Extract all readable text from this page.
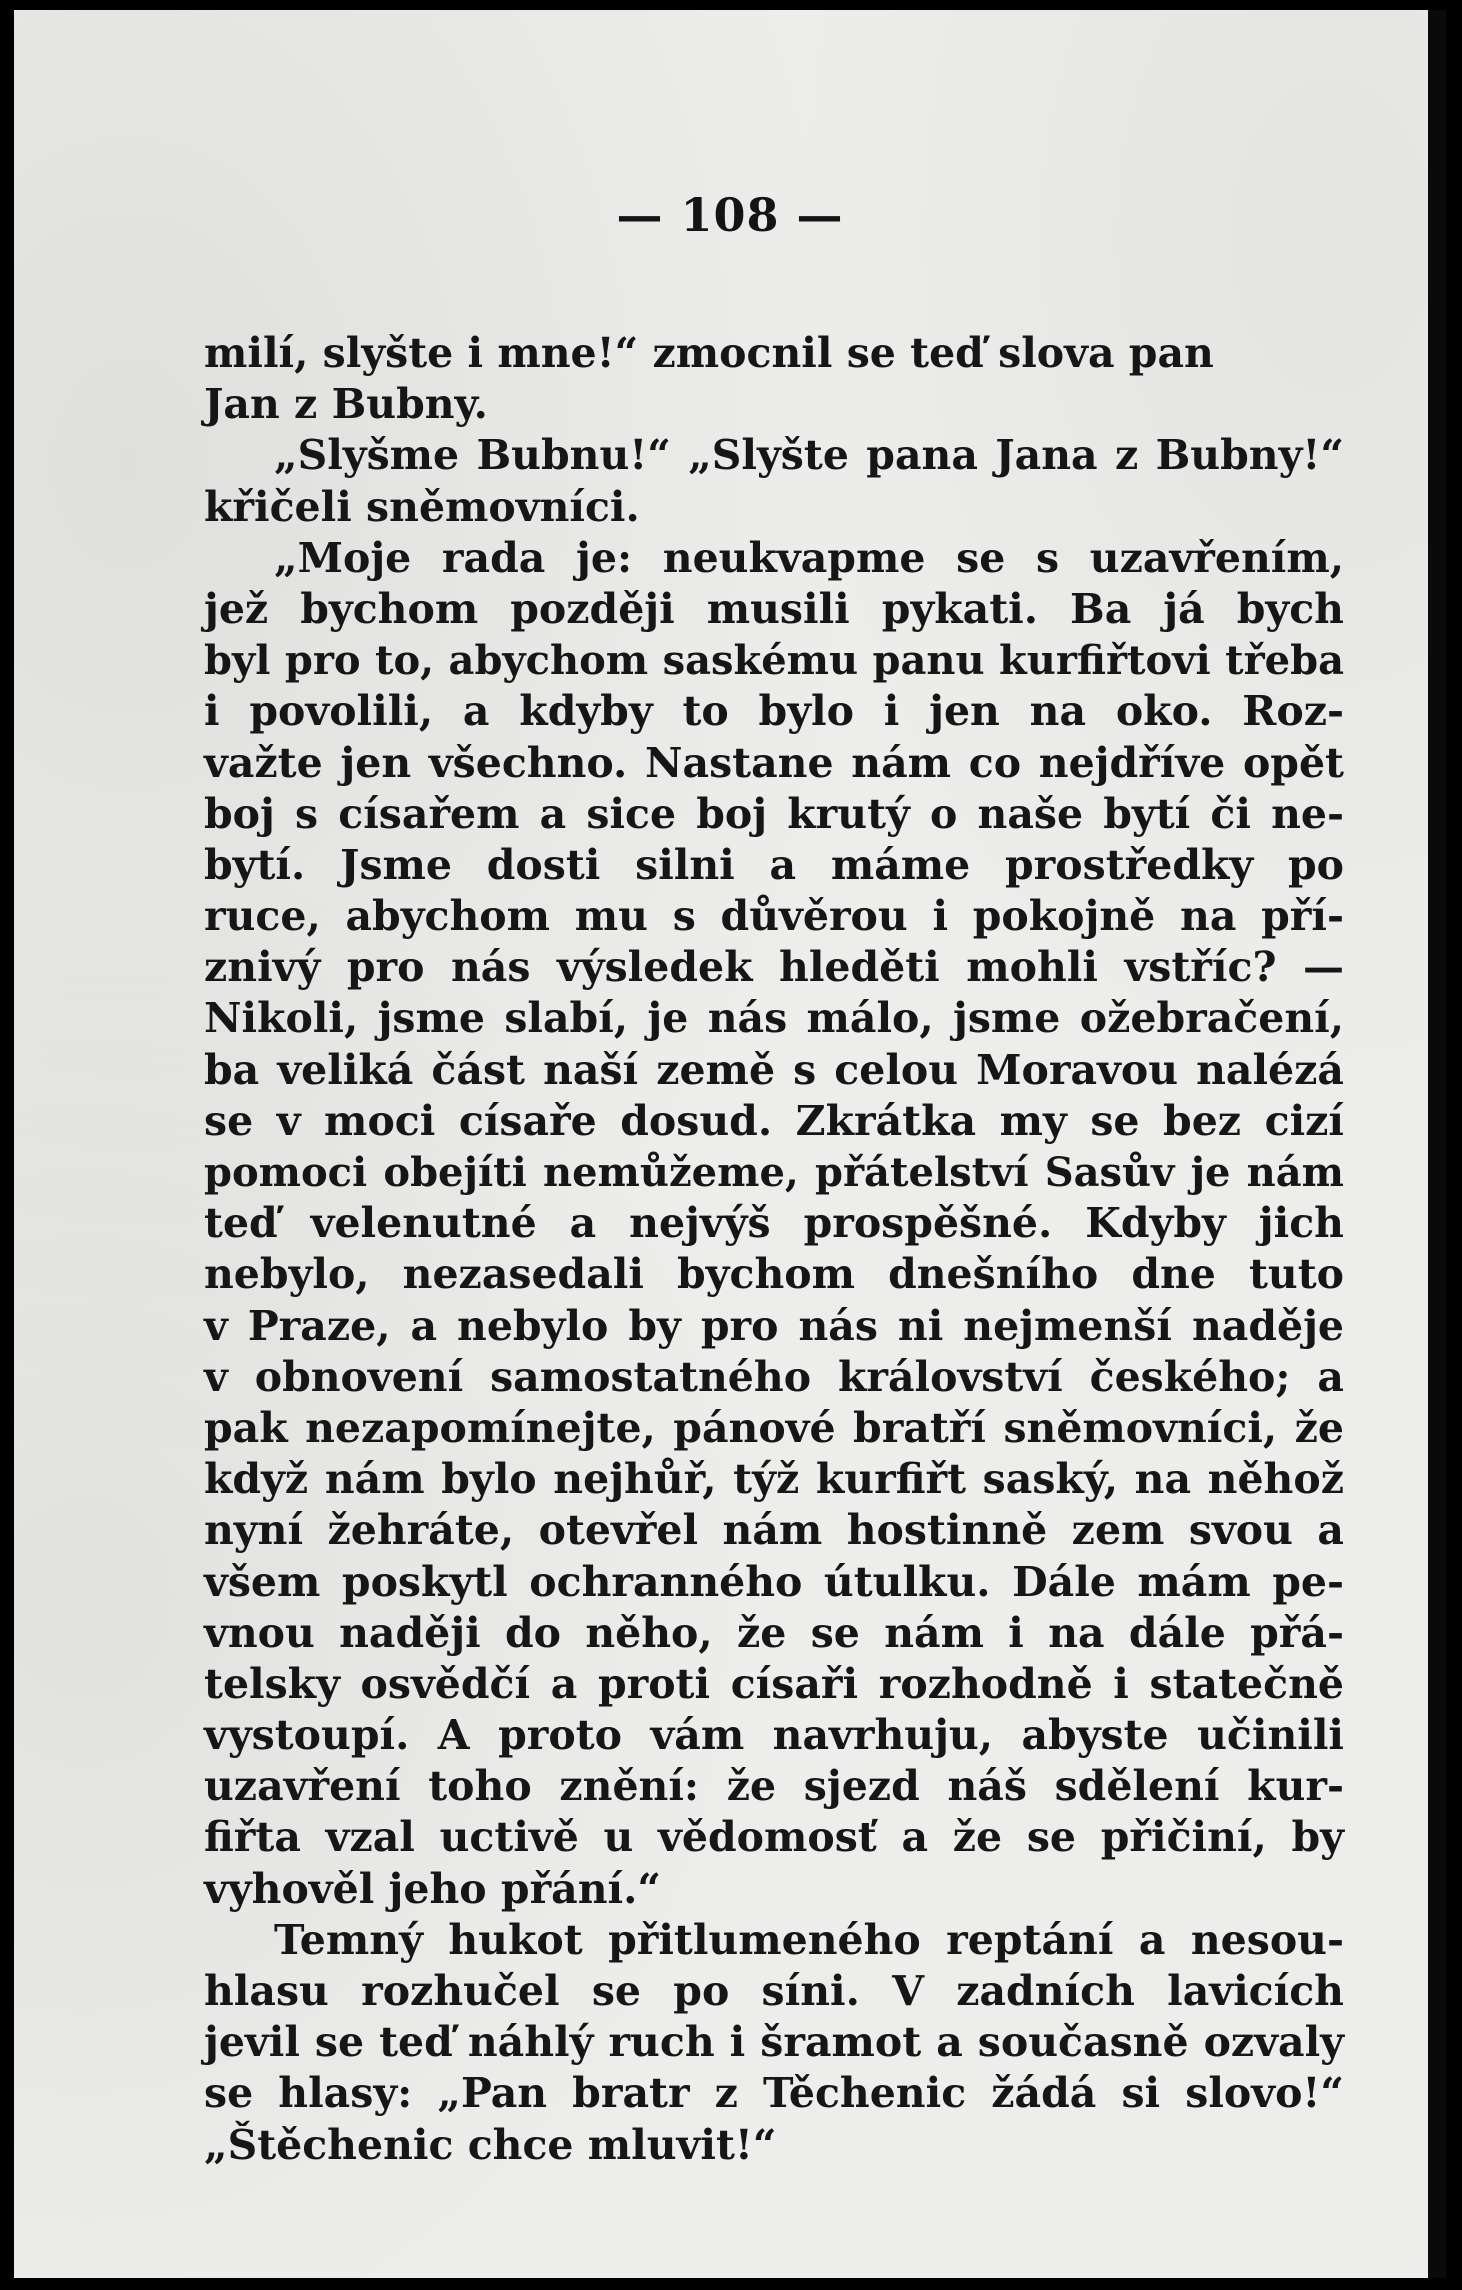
— 108 —
milí, slyšte i mne!“ zmocnil se teď slova pan
Jan z Bubny.
„Slyšme Bubnu!“ „Slyšte pana Jana z Bubny!“
křičeli sněmovníci.
„Moje rada je: neukvapme se s uzavřením,
jež bychom později musili pykati. Ba já bych
byl pro to, abychom saskému panu kurfiřtovi třeba
i povolili, a kdyby to bylo i jen na oko. Roz-
važte jen všechno. Nastane nám co nejdříve opět
boj s císařem a sice boj krutý o naše bytí či ne-
bytí. Jsme dosti silni a máme prostředky po
ruce, abychom mu s důvěrou i pokojně na pří-
znivý pro nás výsledek hleděti mohli vstříc? —
Nikoli, jsme slabí, je nás málo, jsme ožebračení,
ba veliká část naší země s celou Moravou nalézá
se v moci císaře dosud. Zkrátka my se bez cizí
pomoci obejíti nemůžeme, přátelství Sasův je nám
teď velenutné a nejvýš prospěšné. Kdyby jich
nebylo, nezasedali bychom dnešního dne tuto
v Praze, a nebylo by pro nás ni nejmenší naděje
v obnovení samostatného království českého; a
pak nezapomínejte, pánové bratří sněmovníci, že
když nám bylo nejhůř, týž kurfiřt saský, na něhož
nyní žehráte, otevřel nám hostinně zem svou a
všem poskytl ochranného útulku. Dále mám pe-
vnou naději do něho, že se nám i na dále přá-
telsky osvědčí a proti císaři rozhodně i statečně
vystoupí. A proto vám navrhuju, abyste učinili
uzavření toho znění: že sjezd náš sdělení kur-
fiřta vzal uctivě u vědomosť a že se přičiní, by
vyhověl jeho přání.“
Temný hukot přitlumeného reptání a nesou-
hlasu rozhučel se po síni. V zadních lavicích
jevil se teď náhlý ruch i šramot a současně ozvaly
se hlasy: „Pan bratr z Těchenic žádá si slovo!“
„Štěchenic chce mluvit!“
